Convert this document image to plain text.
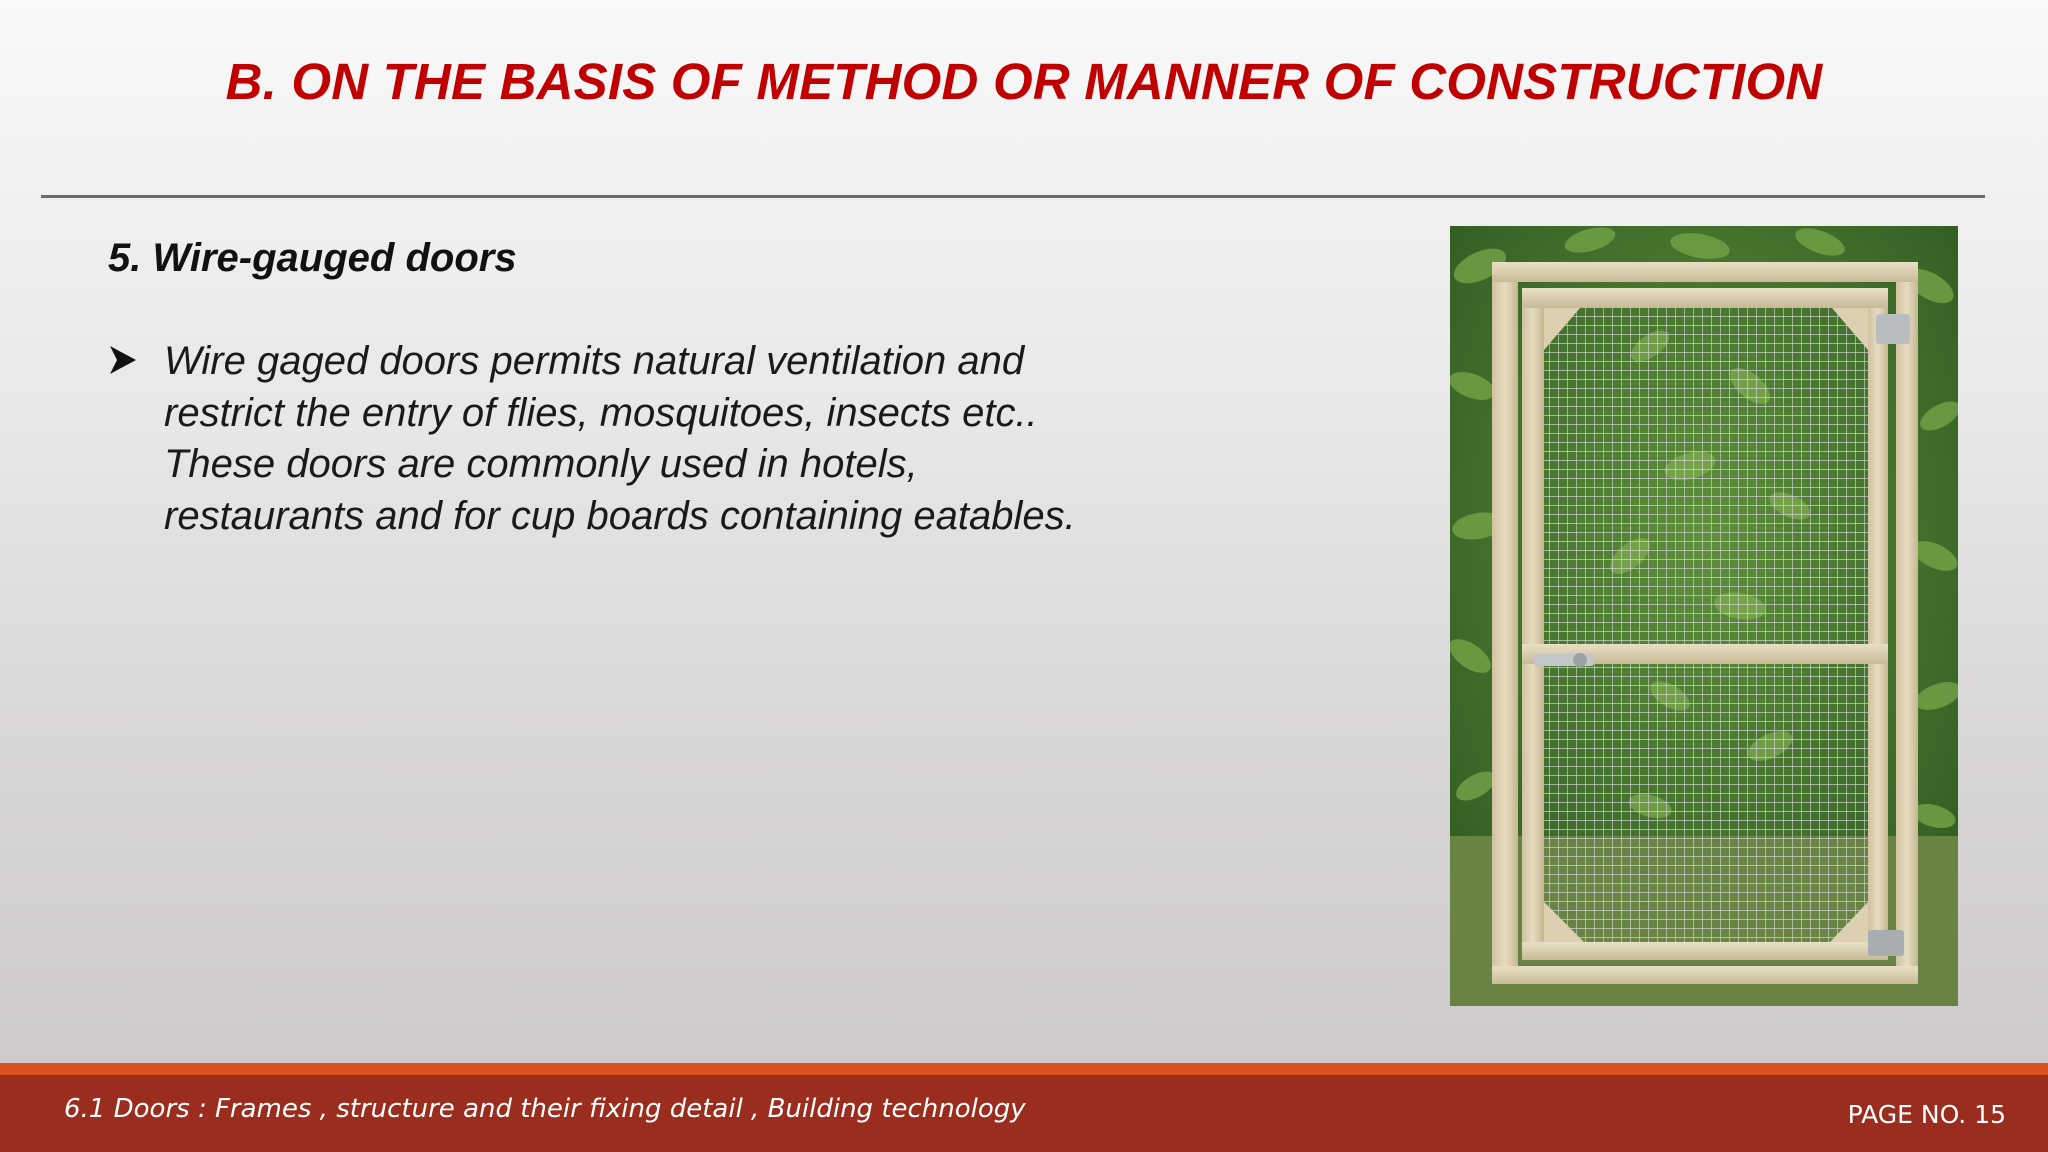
B. ON THE BASIS OF METHOD OR MANNER OF CONSTRUCTION
5. Wire-gauged doors
Wire gaged doors permits natural ventilation and
restrict the entry of flies, mosquitoes, insects etc..
These doors are commonly used in hotels,
restaurants and for cup boards containing eatables.
6.1 Doors : Frames , structure and their fixing detail , Building technology	PAGE NO. 15
